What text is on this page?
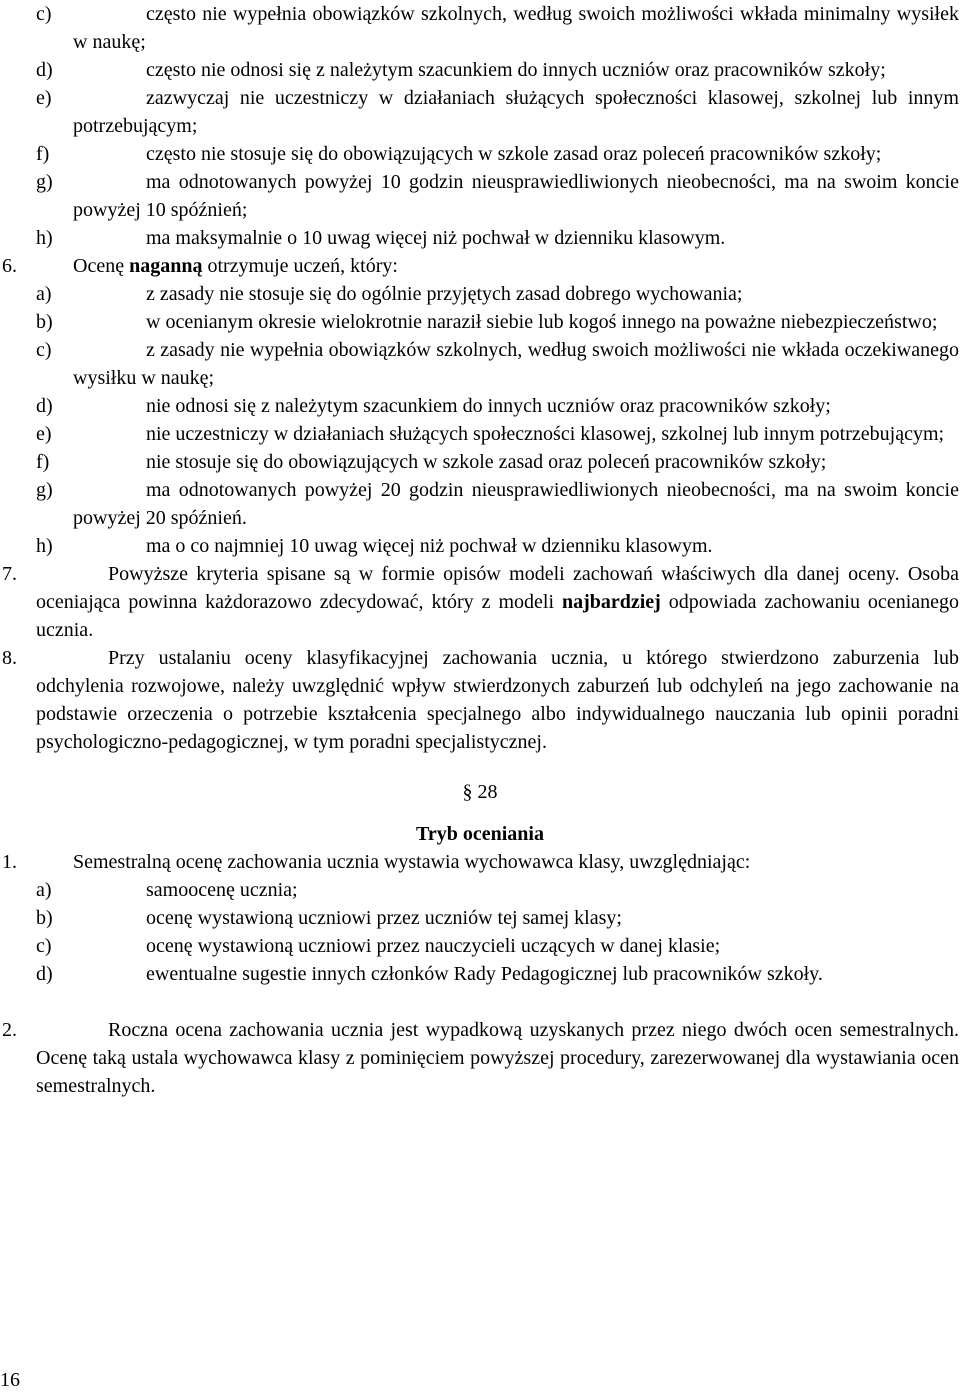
c)	często nie wypełnia obowiązków szkolnych, według swoich możliwości wkłada minimalny wysiłek w naukę;
d)	często nie odnosi się z należytym szacunkiem do innych uczniów oraz pracowników szkoły;
e)	zazwyczaj nie uczestniczy w działaniach służących społeczności klasowej, szkolnej lub innym potrzebującym;
f)	często nie stosuje się do obowiązujących w szkole zasad oraz poleceń pracowników szkoły;
g)	ma odnotowanych powyżej 10 godzin nieusprawiedliwionych nieobecności, ma na swoim koncie powyżej 10 spóźnień;
h)	ma maksymalnie o 10 uwag więcej niż pochwał w dzienniku klasowym.
6.	Ocenę naganną otrzymuje uczeń, który:
a)	z zasady nie stosuje się do ogólnie przyjętych zasad dobrego wychowania;
b)	w ocenianym okresie wielokrotnie naraził siebie lub kogoś innego na poważne niebezpieczeństwo;
c)	z zasady nie wypełnia obowiązków szkolnych, według swoich możliwości nie wkłada oczekiwanego wysiłku w naukę;
d)	nie odnosi się z należytym szacunkiem do innych uczniów oraz pracowników szkoły;
e)	nie uczestniczy w działaniach służących społeczności klasowej, szkolnej lub innym potrzebującym;
f)	nie stosuje się do obowiązujących w szkole zasad oraz poleceń pracowników szkoły;
g)	ma odnotowanych powyżej 20 godzin nieusprawiedliwionych nieobecności, ma na swoim koncie powyżej 20 spóźnień.
h)	ma o co najmniej 10 uwag więcej niż pochwał w dzienniku klasowym.
7.	Powyższe kryteria spisane są w formie opisów modeli zachowań właściwych dla danej oceny. Osoba oceniająca powinna każdorazowo zdecydować, który z modeli najbardziej odpowiada zachowaniu ocenianego ucznia.
8.	Przy ustalaniu oceny klasyfikacyjnej zachowania ucznia, u którego stwierdzono zaburzenia lub odchylenia rozwojowe, należy uwzględnić wpływ stwierdzonych zaburzeń lub odchyleń na jego zachowanie na podstawie orzeczenia o potrzebie kształcenia specjalnego albo indywidualnego nauczania lub opinii poradni psychologiczno-pedagogicznej, w tym poradni specjalistycznej.
§ 28
Tryb oceniania
1.	Semestralną ocenę zachowania ucznia wystawia wychowawca klasy, uwzględniając:
a)	samoocenę ucznia;
b)	ocenę wystawioną uczniowi przez uczniów tej samej klasy;
c)	ocenę wystawioną uczniowi przez nauczycieli uczących w danej klasie;
d)	ewentualne sugestie innych członków Rady Pedagogicznej lub pracowników szkoły.
2.	Roczna ocena zachowania ucznia jest wypadkową uzyskanych przez niego dwóch ocen semestralnych. Ocenę taką ustala wychowawca klasy z pominięciem powyższej procedury, zarezerwowanej dla wystawiania ocen semestralnych.
16
